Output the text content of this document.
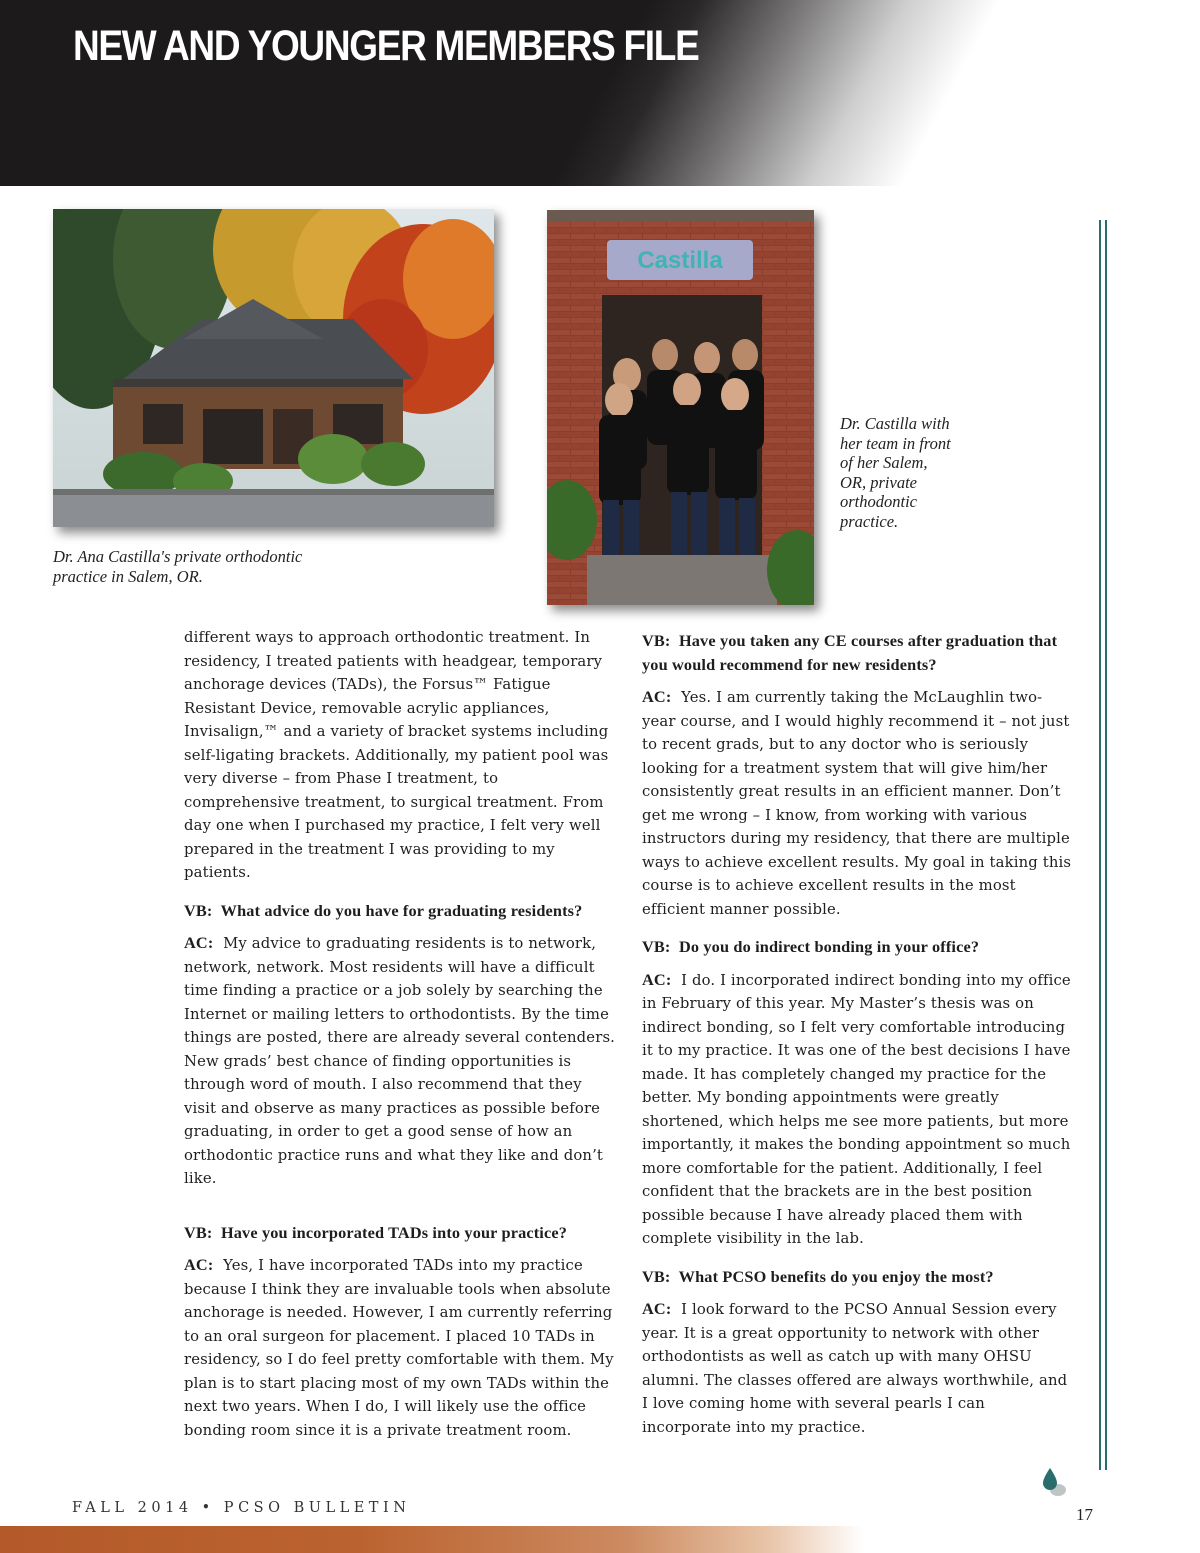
NEW AND YOUNGER MEMBERS FILE

Dr. Ana Castilla's private orthodontic
practice in Salem, OR.

Castilla

Dr. Castilla with
her team in front
of her Salem,
OR, private
orthodontic
practice.

different ways to approach orthodontic treatment. In residency, I treated patients with headgear, temporary anchorage devices (TADs), the Forsus™ Fatigue Resistant Device, removable acrylic appliances, Invisalign,™ and a variety of bracket systems including self-ligating brackets. Additionally, my patient pool was very diverse – from Phase I treatment, to comprehensive treatment, to surgical treatment. From day one when I purchased my practice, I felt very well prepared in the treatment I was providing to my patients.

VB: What advice do you have for graduating residents?

AC: My advice to graduating residents is to network, network, network. Most residents will have a difficult time finding a practice or a job solely by searching the Internet or mailing letters to orthodontists. By the time things are posted, there are already several contenders. New grads’ best chance of finding opportunities is through word of mouth. I also recommend that they visit and observe as many practices as possible before graduating, in order to get a good sense of how an orthodontic practice runs and what they like and don’t like.

VB: Have you incorporated TADs into your practice?

AC: Yes, I have incorporated TADs into my practice because I think they are invaluable tools when absolute anchorage is needed. However, I am currently referring to an oral surgeon for placement. I placed 10 TADs in residency, so I do feel pretty comfortable with them. My plan is to start placing most of my own TADs within the next two years. When I do, I will likely use the office bonding room since it is a private treatment room.

VB: Have you taken any CE courses after graduation that you would recommend for new residents?

AC: Yes. I am currently taking the McLaughlin two-year course, and I would highly recommend it – not just to recent grads, but to any doctor who is seriously looking for a treatment system that will give him/her consistently great results in an efficient manner. Don’t get me wrong – I know, from working with various instructors during my residency, that there are multiple ways to achieve excellent results. My goal in taking this course is to achieve excellent results in the most efficient manner possible.

VB: Do you do indirect bonding in your office?

AC: I do. I incorporated indirect bonding into my office in February of this year. My Master’s thesis was on indirect bonding, so I felt very comfortable introducing it to my practice. It was one of the best decisions I have made. It has completely changed my practice for the better. My bonding appointments were greatly shortened, which helps me see more patients, but more importantly, it makes the bonding appointment so much more comfortable for the patient. Additionally, I feel confident that the brackets are in the best position possible because I have already placed them with complete visibility in the lab.

VB: What PCSO benefits do you enjoy the most?

AC: I look forward to the PCSO Annual Session every year. It is a great opportunity to network with other orthodontists as well as catch up with many OHSU alumni. The classes offered are always worthwhile, and I love coming home with several pearls I can incorporate into my practice.

FALL 2014 • PCSO BULLETIN	17
